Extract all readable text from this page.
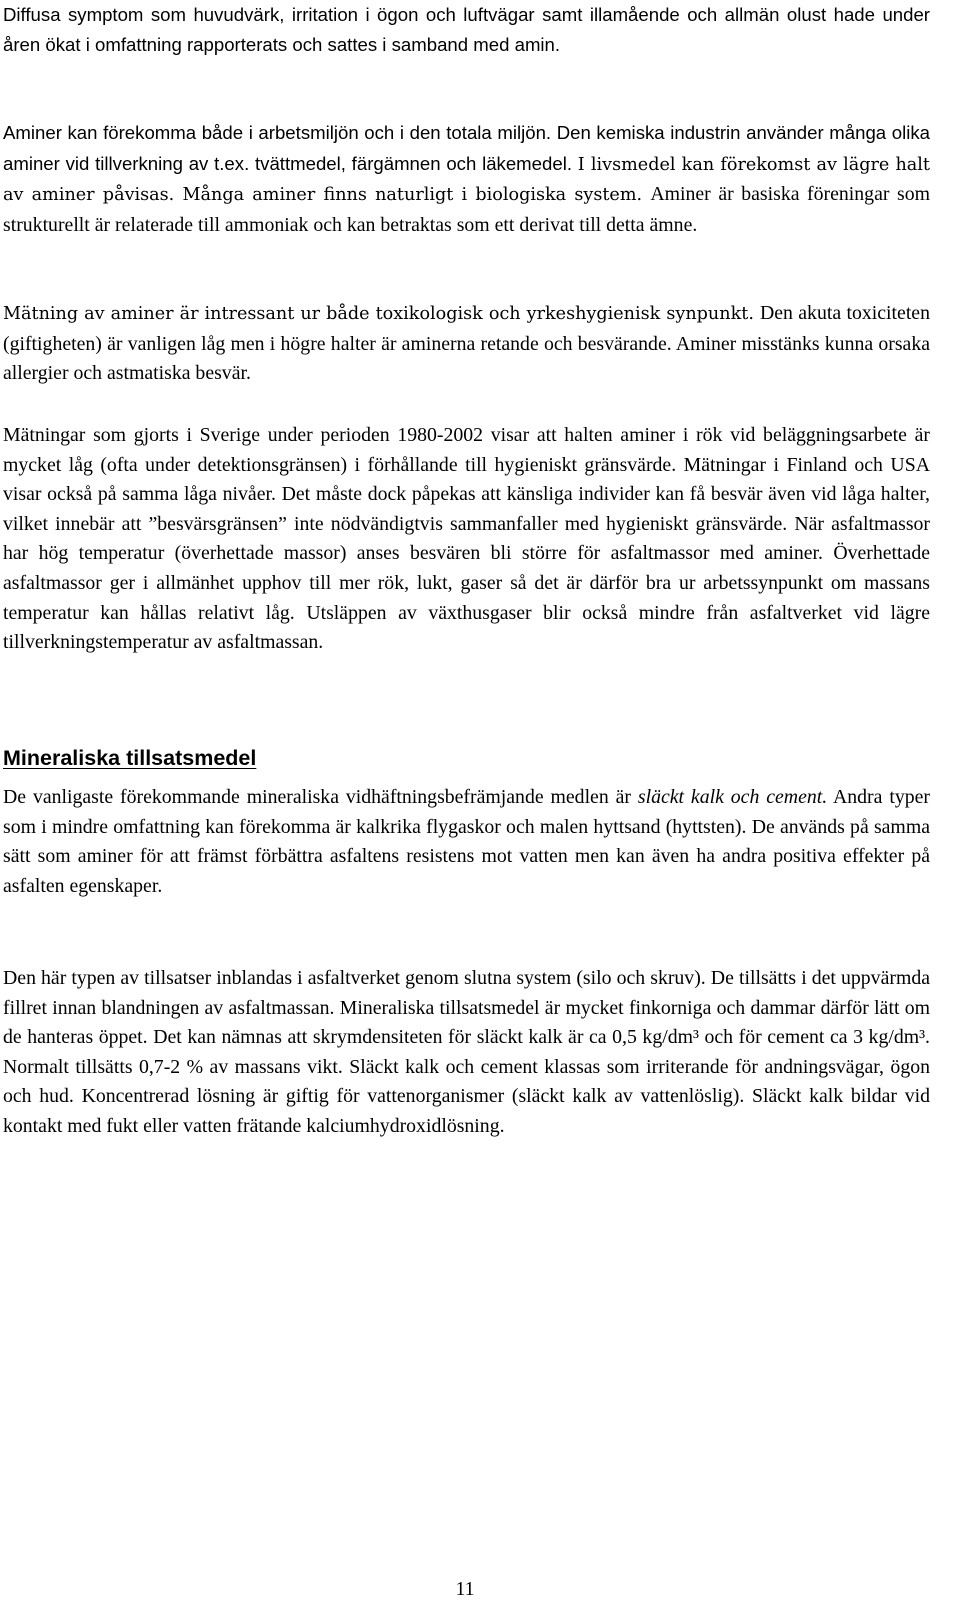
Diffusa symptom som huvudvärk, irritation i ögon och luftvägar samt illamående och allmän olust hade under åren ökat i omfattning rapporterats och sattes i samband med amin.

Aminer kan förekomma både i arbetsmiljön och i den totala miljön. Den kemiska industrin använder många olika aminer vid tillverkning av t.ex. tvättmedel, färgämnen och läkemedel. I livsmedel kan förekomst av lägre halt av aminer påvisas. Många aminer finns naturligt i biologiska system. Aminer är basiska föreningar som strukturellt är relaterade till ammoniak och kan betraktas som ett derivat till detta ämne.

Mätning av aminer är intressant ur både toxikologisk och yrkeshygienisk synpunkt. Den akuta toxiciteten (giftigheten) är vanligen låg men i högre halter är aminerna retande och besvärande. Aminer misstänks kunna orsaka allergier och astmatiska besvär.

Mätningar som gjorts i Sverige under perioden 1980-2002 visar att halten aminer i rök vid beläggningsarbete är mycket låg (ofta under detektionsgränsen) i förhållande till hygieniskt gränsvärde. Mätningar i Finland och USA visar också på samma låga nivåer. Det måste dock påpekas att känsliga individer kan få besvär även vid låga halter, vilket innebär att ”besvärsgränsen” inte nödvändigtvis sammanfaller med hygieniskt gränsvärde. När asfaltmassor har hög temperatur (överhettade massor) anses besvären bli större för asfaltmassor med aminer. Överhettade asfaltmassor ger i allmänhet upphov till mer rök, lukt, gaser så det är därför bra ur arbetssynpunkt om massans temperatur kan hållas relativt låg. Utsläppen av växthusgaser blir också mindre från asfaltverket vid lägre tillverkningstemperatur av asfaltmassan.

Mineraliska tillsatsmedel

De vanligaste förekommande mineraliska vidhäftningsbefrämjande medlen är släckt kalk och cement. Andra typer som i mindre omfattning kan förekomma är kalkrika flygaskor och malen hyttsand (hyttsten). De används på samma sätt som aminer för att främst förbättra asfaltens resistens mot vatten men kan även ha andra positiva effekter på asfalten egenskaper.

Den här typen av tillsatser inblandas i asfaltverket genom slutna system (silo och skruv). De tillsätts i det uppvärmda fillret innan blandningen av asfaltmassan. Mineraliska tillsatsmedel är mycket finkorniga och dammar därför lätt om de hanteras öppet. Det kan nämnas att skrymdensiteten för släckt kalk är ca 0,5 kg/dm³ och för cement ca 3 kg/dm³. Normalt tillsätts 0,7-2 % av massans vikt. Släckt kalk och cement klassas som irriterande för andningsvägar, ögon och hud. Koncentrerad lösning är giftig för vattenorganismer (släckt kalk av vattenlöslig). Släckt kalk bildar vid kontakt med fukt eller vatten frätande kalciumhydroxidlösning.

11
